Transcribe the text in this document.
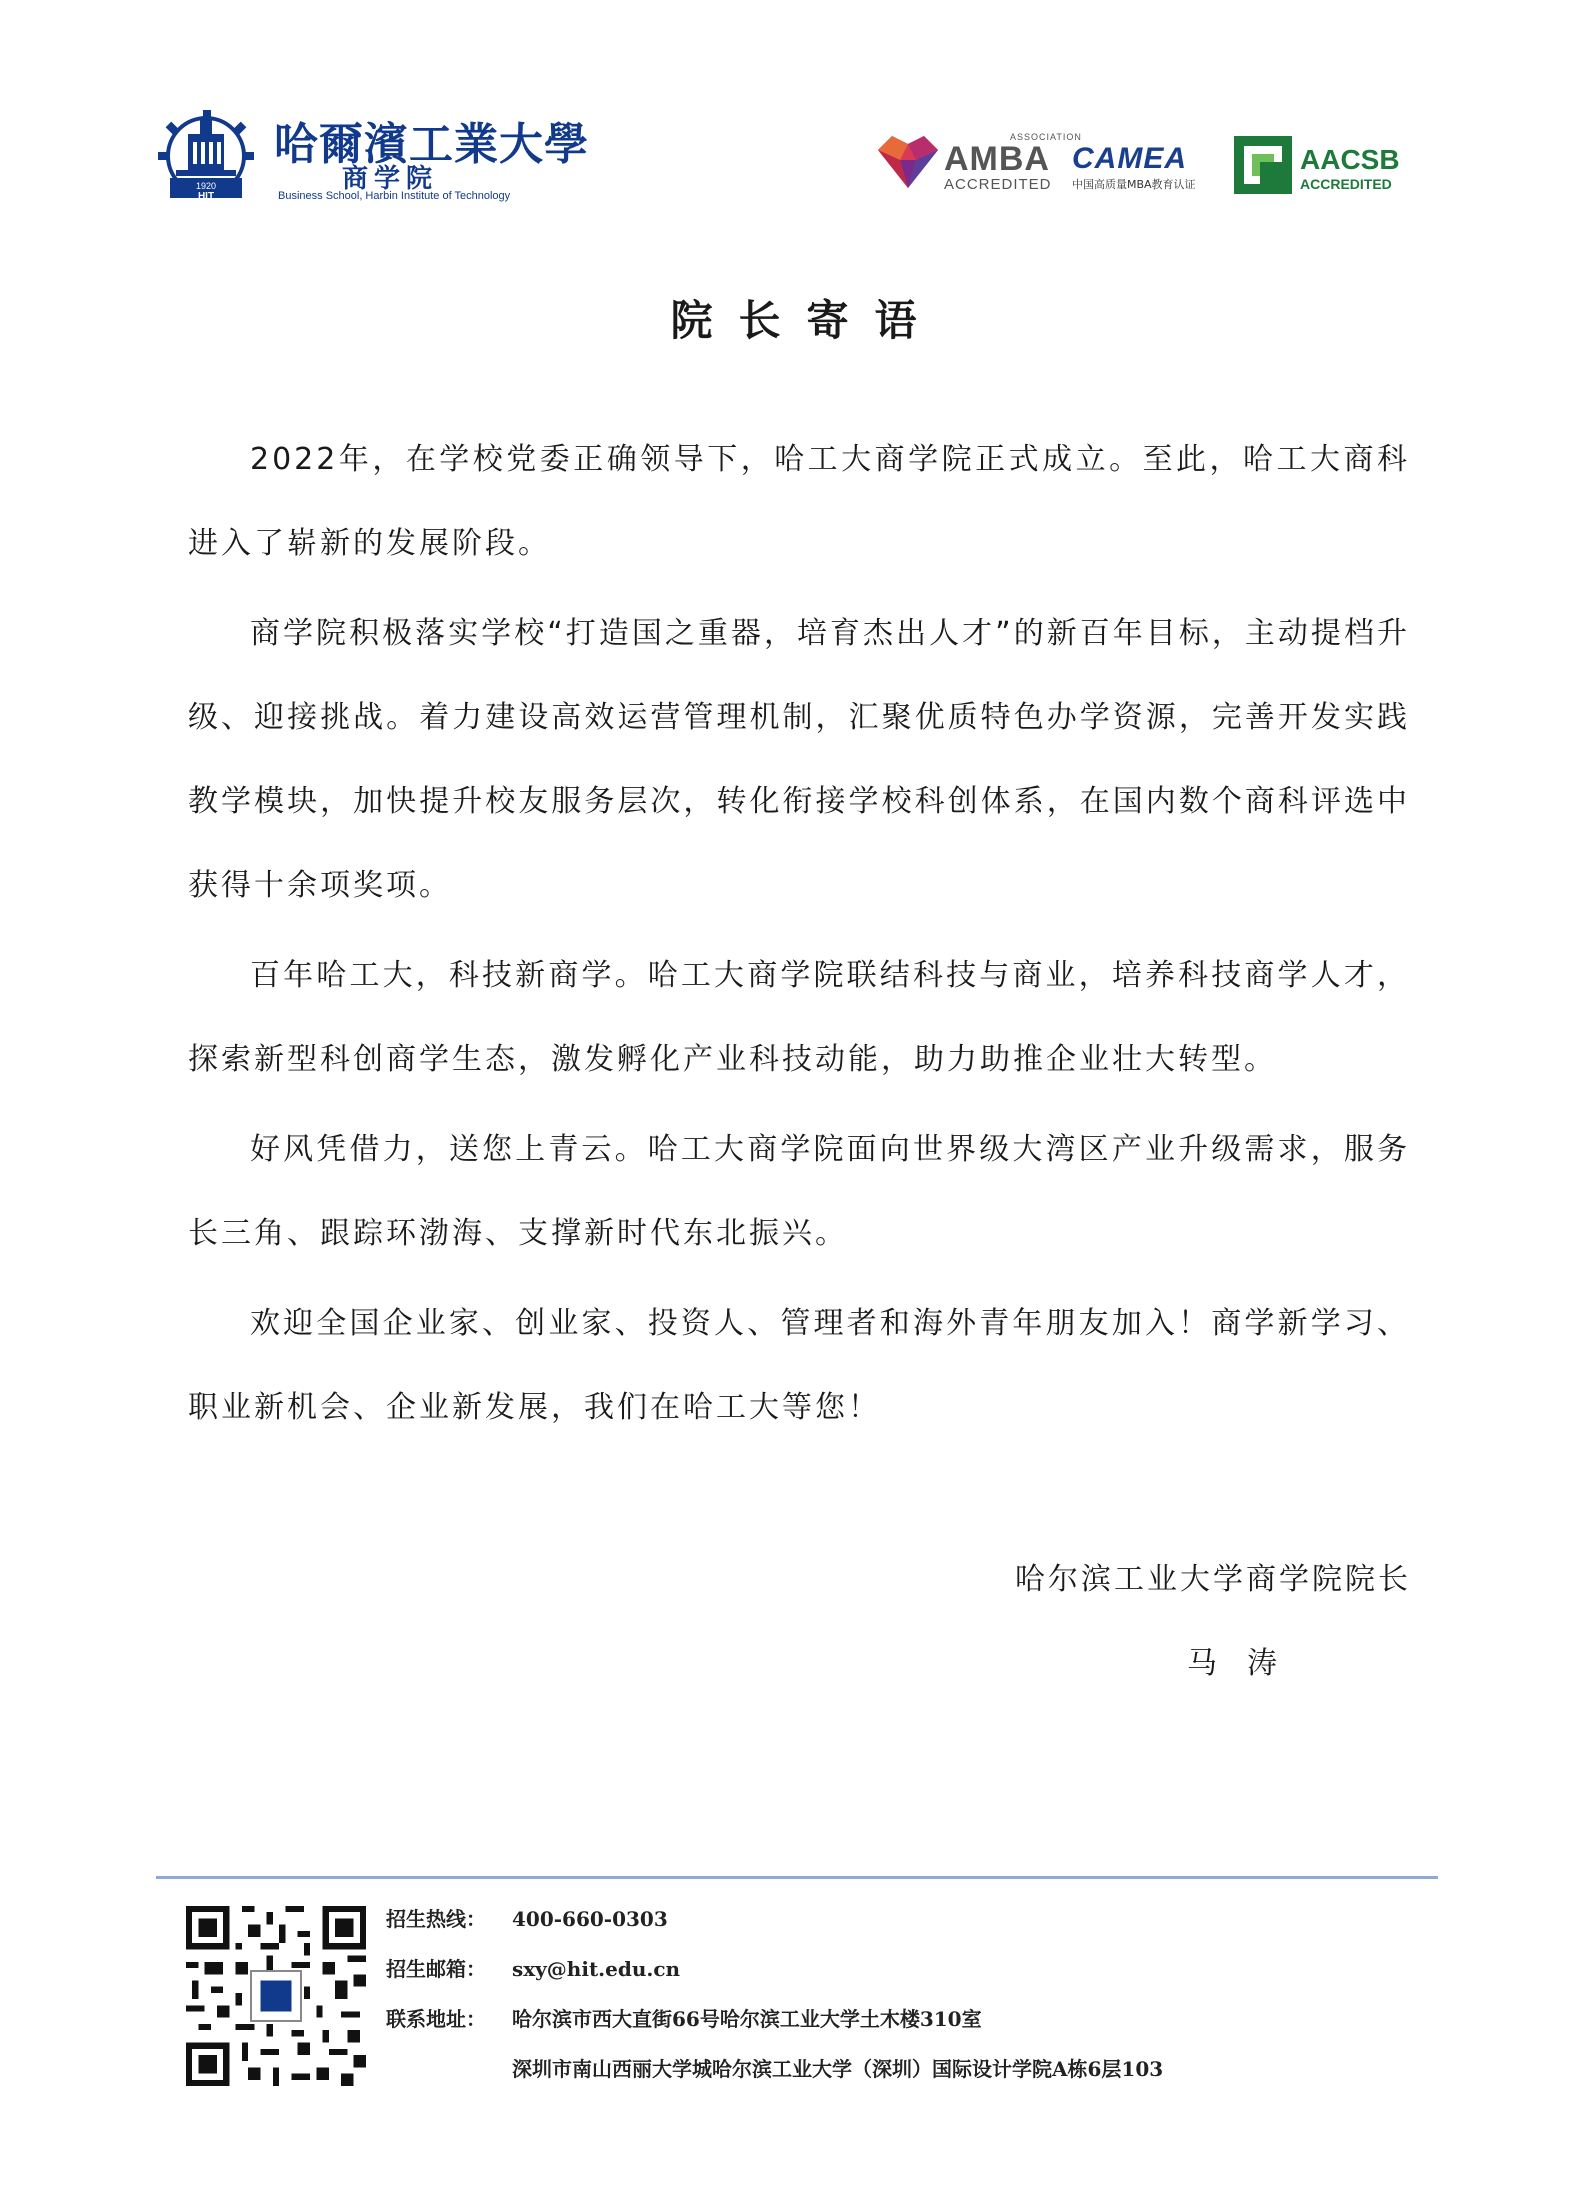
1920
HIT
哈爾濱工業大學
商学院
Business School, Harbin Institute of Technology
ASSOCIATION
AMBA
ACCREDITED
CAMEA
中国高质量MBA教育认证
AACSB
ACCREDITED
院长寄语

2022年，在学校党委正确领导下，哈工大商学院正式成立。至此，哈工大商科进入了崭新的发展阶段。

商学院积极落实学校“打造国之重器，培育杰出人才”的新百年目标，主动提档升级、迎接挑战。着力建设高效运营管理机制，汇聚优质特色办学资源，完善开发实践教学模块，加快提升校友服务层次，转化衔接学校科创体系，在国内数个商科评选中获得十余项奖项。

百年哈工大，科技新商学。哈工大商学院联结科技与商业，培养科技商学人才，探索新型科创商学生态，激发孵化产业科技动能，助力助推企业壮大转型。

好风凭借力，送您上青云。哈工大商学院面向世界级大湾区产业升级需求，服务长三角、跟踪环渤海、支撑新时代东北振兴。

欢迎全国企业家、创业家、投资人、管理者和海外青年朋友加入！商学新学习、职业新机会、企业新发展，我们在哈工大等您！

哈尔滨工业大学商学院院长
马涛
招生热线： 400-660-0303
招生邮箱： sxy@hit.edu.cn
联系地址： 哈尔滨市西大直街66号哈尔滨工业大学土木楼310室
深圳市南山西丽大学城哈尔滨工业大学（深圳）国际设计学院A栋6层103
